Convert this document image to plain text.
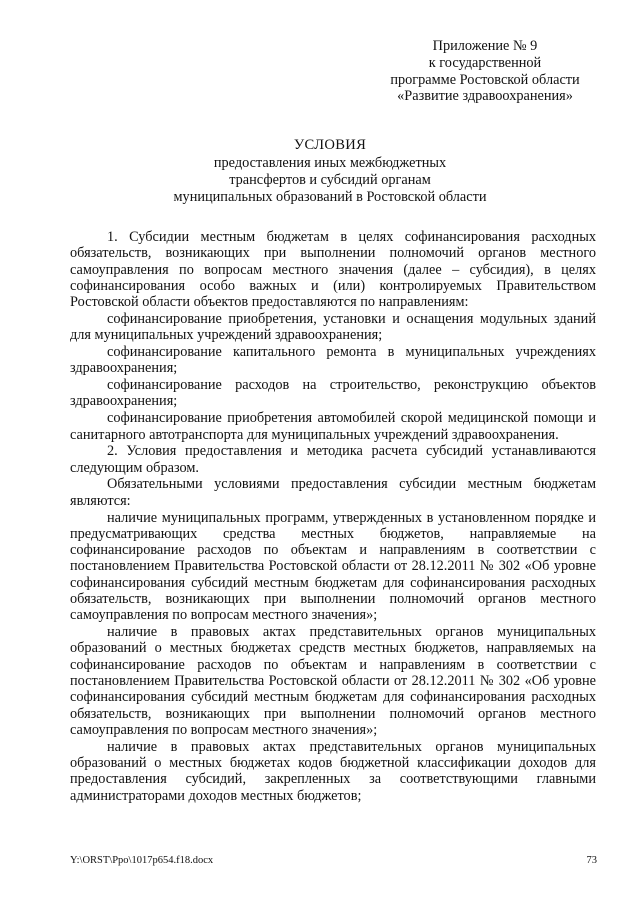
Приложение № 9
к государственной
программе Ростовской области
«Развитие здравоохранения»
УСЛОВИЯ
предоставления иных межбюджетных
трансфертов и субсидий органам
муниципальных образований в Ростовской области

1. Субсидии местным бюджетам в целях софинансирования расходных обязательств, возникающих при выполнении полномочий органов местного самоуправления по вопросам местного значения (далее – субсидия), в целях софинансирования особо важных и (или) контролируемых Правительством Ростовской области объектов предоставляются по направлениям:

софинансирование приобретения, установки и оснащения модульных зданий для муниципальных учреждений здравоохранения;

софинансирование капитального ремонта в муниципальных учреждениях здравоохранения;

софинансирование расходов на строительство, реконструкцию объектов здравоохранения;

софинансирование приобретения автомобилей скорой медицинской помощи и санитарного автотранспорта для муниципальных учреждений здравоохранения.

2. Условия предоставления и методика расчета субсидий устанавливаются следующим образом.

Обязательными условиями предоставления субсидии местным бюджетам являются:

наличие муниципальных программ, утвержденных в установленном порядке и предусматривающих средства местных бюджетов, направляемые на софинансирование расходов по объектам и направлениям в соответствии с постановлением Правительства Ростовской области от 28.12.2011 № 302 «Об уровне софинансирования субсидий местным бюджетам для софинансирования расходных обязательств, возникающих при выполнении полномочий органов местного самоуправления по вопросам местного значения»;

наличие в правовых актах представительных органов муниципальных образований о местных бюджетах средств местных бюджетов, направляемых на софинансирование расходов по объектам и направлениям в соответствии с постановлением Правительства Ростовской области от 28.12.2011 № 302 «Об уровне софинансирования субсидий местным бюджетам для софинансирования расходных обязательств, возникающих при выполнении полномочий органов местного самоуправления по вопросам местного значения»;

наличие в правовых актах представительных органов муниципальных образований о местных бюджетах кодов бюджетной классификации доходов для предоставления субсидий, закрепленных за соответствующими главными администраторами доходов местных бюджетов;

Y:\ORST\Ppo\1017p654.f18.docx	73
